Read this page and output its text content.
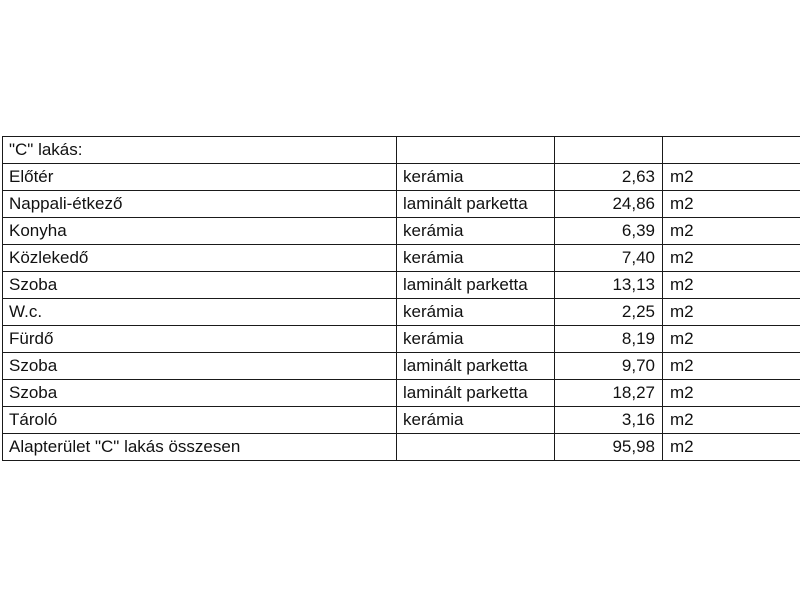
"C" lakás:			
Előtér	kerámia	2,63	m2
Nappali-étkező	laminált parketta	24,86	m2
Konyha	kerámia	6,39	m2
Közlekedő	kerámia	7,40	m2
Szoba	laminált parketta	13,13	m2
W.c.	kerámia	2,25	m2
Fürdő	kerámia	8,19	m2
Szoba	laminált parketta	9,70	m2
Szoba	laminált parketta	18,27	m2
Tároló	kerámia	3,16	m2
Alapterület "C" lakás összesen		95,98	m2
